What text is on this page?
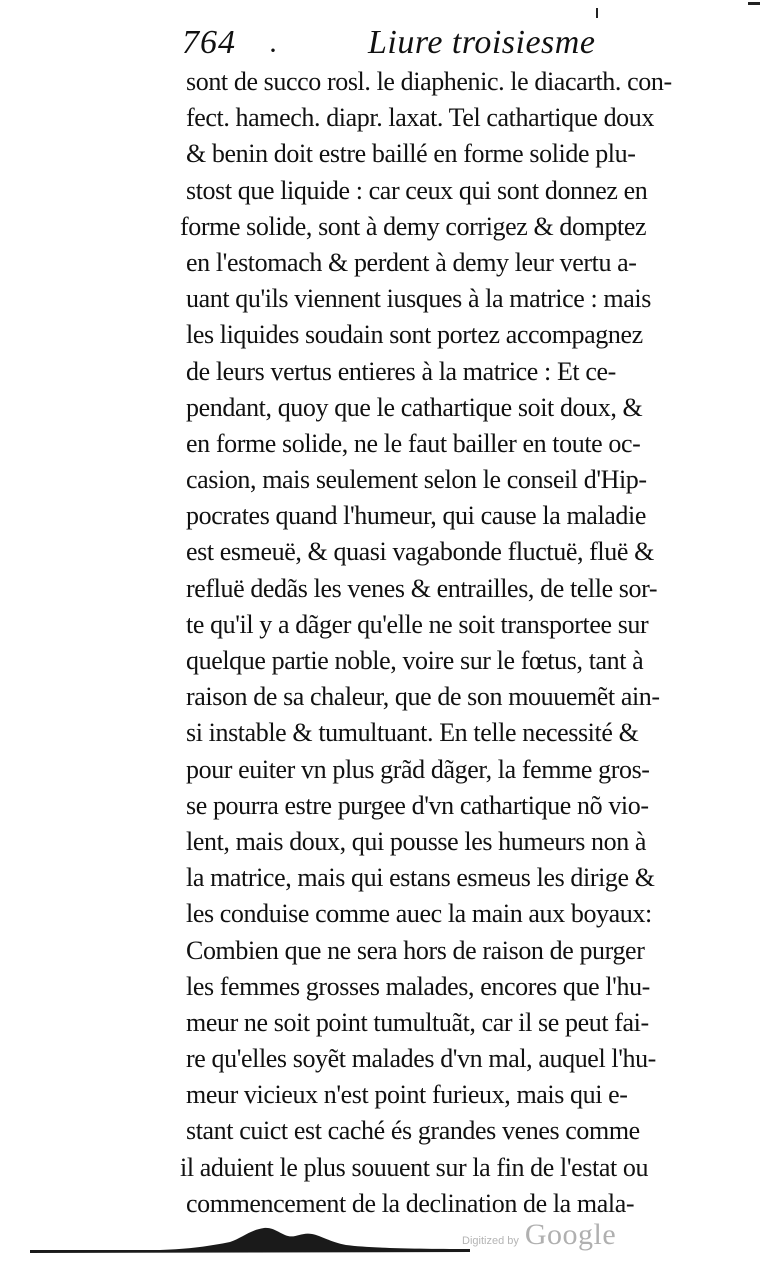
764 ·	Liure troisiesme
sont de succo rosl. le diaphenic. le diacarth. con-
fect. hamech. diapr. laxat. Tel cathartique doux
& benin doit estre baillé en forme solide plu-
stost que liquide : car ceux qui sont donnez en
forme solide, sont à demy corrigez & domptez
en l'estomach & perdent à demy leur vertu a-
uant qu'ils viennent iusques à la matrice : mais
les liquides soudain sont portez accompagnez
de leurs vertus entieres à la matrice : Et ce-
pendant, quoy que le cathartique soit doux, &
en forme solide, ne le faut bailler en toute oc-
casion, mais seulement selon le conseil d'Hip-
pocrates quand l'humeur, qui cause la maladie
est esmeuë, & quasi vagabonde fluctuë, fluë &
refluë dedãs les venes & entrailles, de telle sor-
te qu'il y a dãger qu'elle ne soit transportee sur
quelque partie noble, voire sur le fœtus, tant à
raison de sa chaleur, que de son mouuemẽt ain-
si instable & tumultuant. En telle necessité &
pour euiter vn plus grãd dãger, la femme gros-
se pourra estre purgee d'vn cathartique nõ vio-
lent, mais doux, qui pousse les humeurs non à
la matrice, mais qui estans esmeus les dirige &
les conduise comme auec la main aux boyaux:
Combien que ne sera hors de raison de purger
les femmes grosses malades, encores que l'hu-
meur ne soit point tumultuãt, car il se peut fai-
re qu'elles soyẽt malades d'vn mal, auquel l'hu-
meur vicieux n'est point furieux, mais qui e-
stant cuict est caché és grandes venes comme
il aduient le plus souuent sur la fin de l'estat ou
commencement de la declination de la mala-
Digitized by Google
